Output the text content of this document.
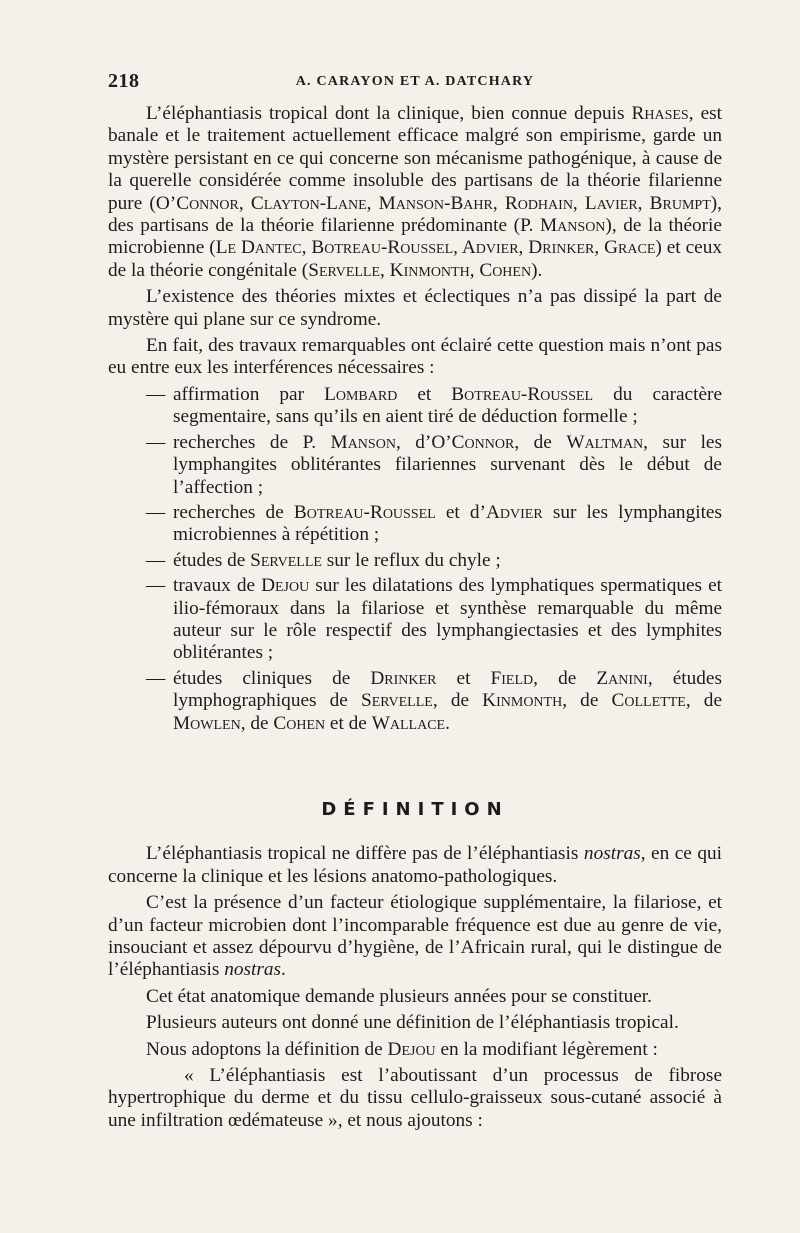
218	A. CARAYON ET A. DATCHARY

L’éléphantiasis tropical dont la clinique, bien connue depuis Rhases, est banale et le traitement actuellement efficace malgré son empirisme, garde un mystère persistant en ce qui concerne son mécanisme pathogénique, à cause de la querelle considérée comme insoluble des partisans de la théorie filarienne pure (O’Connor, Clayton-Lane, Manson-Bahr, Rodhain, Lavier, Brumpt), des partisans de la théorie filarienne prédominante (P. Manson), de la théorie microbienne (Le Dantec, Botreau-Roussel, Advier, Drinker, Grace) et ceux de la théorie congénitale (Servelle, Kinmonth, Cohen).

L’existence des théories mixtes et éclectiques n’a pas dissipé la part de mystère qui plane sur ce syndrome.

En fait, des travaux remarquables ont éclairé cette question mais n’ont pas eu entre eux les interférences nécessaires :

— affirmation par Lombard et Botreau-Roussel du caractère segmentaire, sans qu’ils en aient tiré de déduction formelle ;
— recherches de P. Manson, d’O’Connor, de Waltman, sur les lymphangites oblitérantes filariennes survenant dès le début de l’affection ;
— recherches de Botreau-Roussel et d’Advier sur les lymphangites microbiennes à répétition ;
— études de Servelle sur le reflux du chyle ;
— travaux de Dejou sur les dilatations des lymphatiques spermatiques et ilio-fémoraux dans la filariose et synthèse remarquable du même auteur sur le rôle respectif des lymphangiectasies et des lymphites oblitérantes ;
— études cliniques de Drinker et Field, de Zanini, études lymphographiques de Servelle, de Kinmonth, de Collette, de Mowlen, de Cohen et de Wallace.
DÉFINITION

L’éléphantiasis tropical ne diffère pas de l’éléphantiasis nostras, en ce qui concerne la clinique et les lésions anatomo-pathologiques.

C’est la présence d’un facteur étiologique supplémentaire, la filariose, et d’un facteur microbien dont l’incomparable fréquence est due au genre de vie, insouciant et assez dépourvu d’hygiène, de l’Africain rural, qui le distingue de l’éléphantiasis nostras.

Cet état anatomique demande plusieurs années pour se constituer.

Plusieurs auteurs ont donné une définition de l’éléphantiasis tropical.

Nous adoptons la définition de Dejou en la modifiant légèrement :

« L’éléphantiasis est l’aboutissant d’un processus de fibrose hypertrophique du derme et du tissu cellulo-graisseux sous-cutané associé à une infiltration œdémateuse », et nous ajoutons :
